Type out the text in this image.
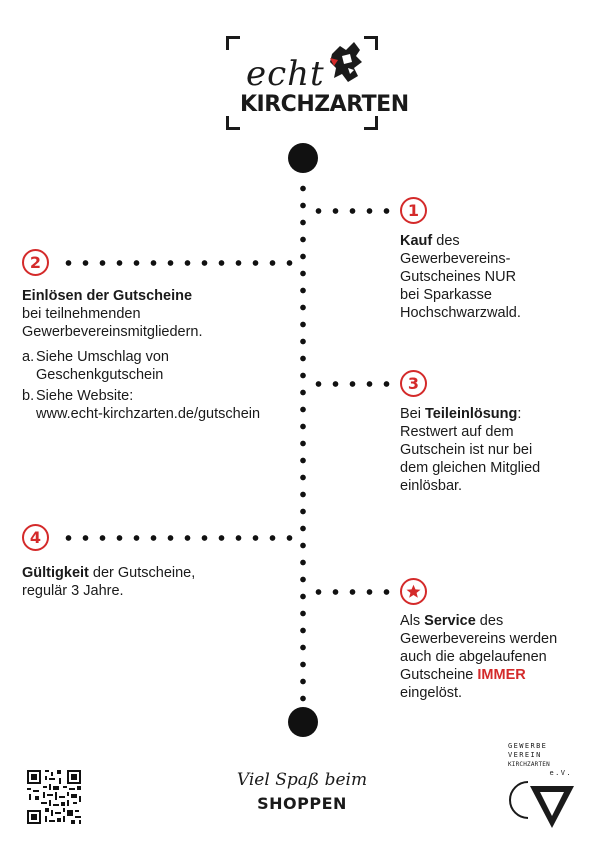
echt
KIRCHZARTEN
1
Kauf des
Gewerbevereins-
Gutscheines NUR
bei Sparkasse
Hochschwarzwald.
2
Einlösen der Gutscheine
bei teilnehmenden
Gewerbevereinsmitgliedern.
a. Siehe Umschlag von
Geschenkgutschein
b. Siehe Website:
www.echt-kirchzarten.de/gutschein
3
Bei Teileinlösung:
Restwert auf dem
Gutschein ist nur bei
dem gleichen Mitglied
einlösbar.
4
Gültigkeit der Gutscheine,
regulär 3 Jahre.
Als Service des
Gewerbevereins werden
auch die abgelaufenen
Gutscheine IMMER
eingelöst.
Viel Spaß beim
SHOPPEN
GEWERBE
VEREIN
KIRCHZARTEN
e.V.
